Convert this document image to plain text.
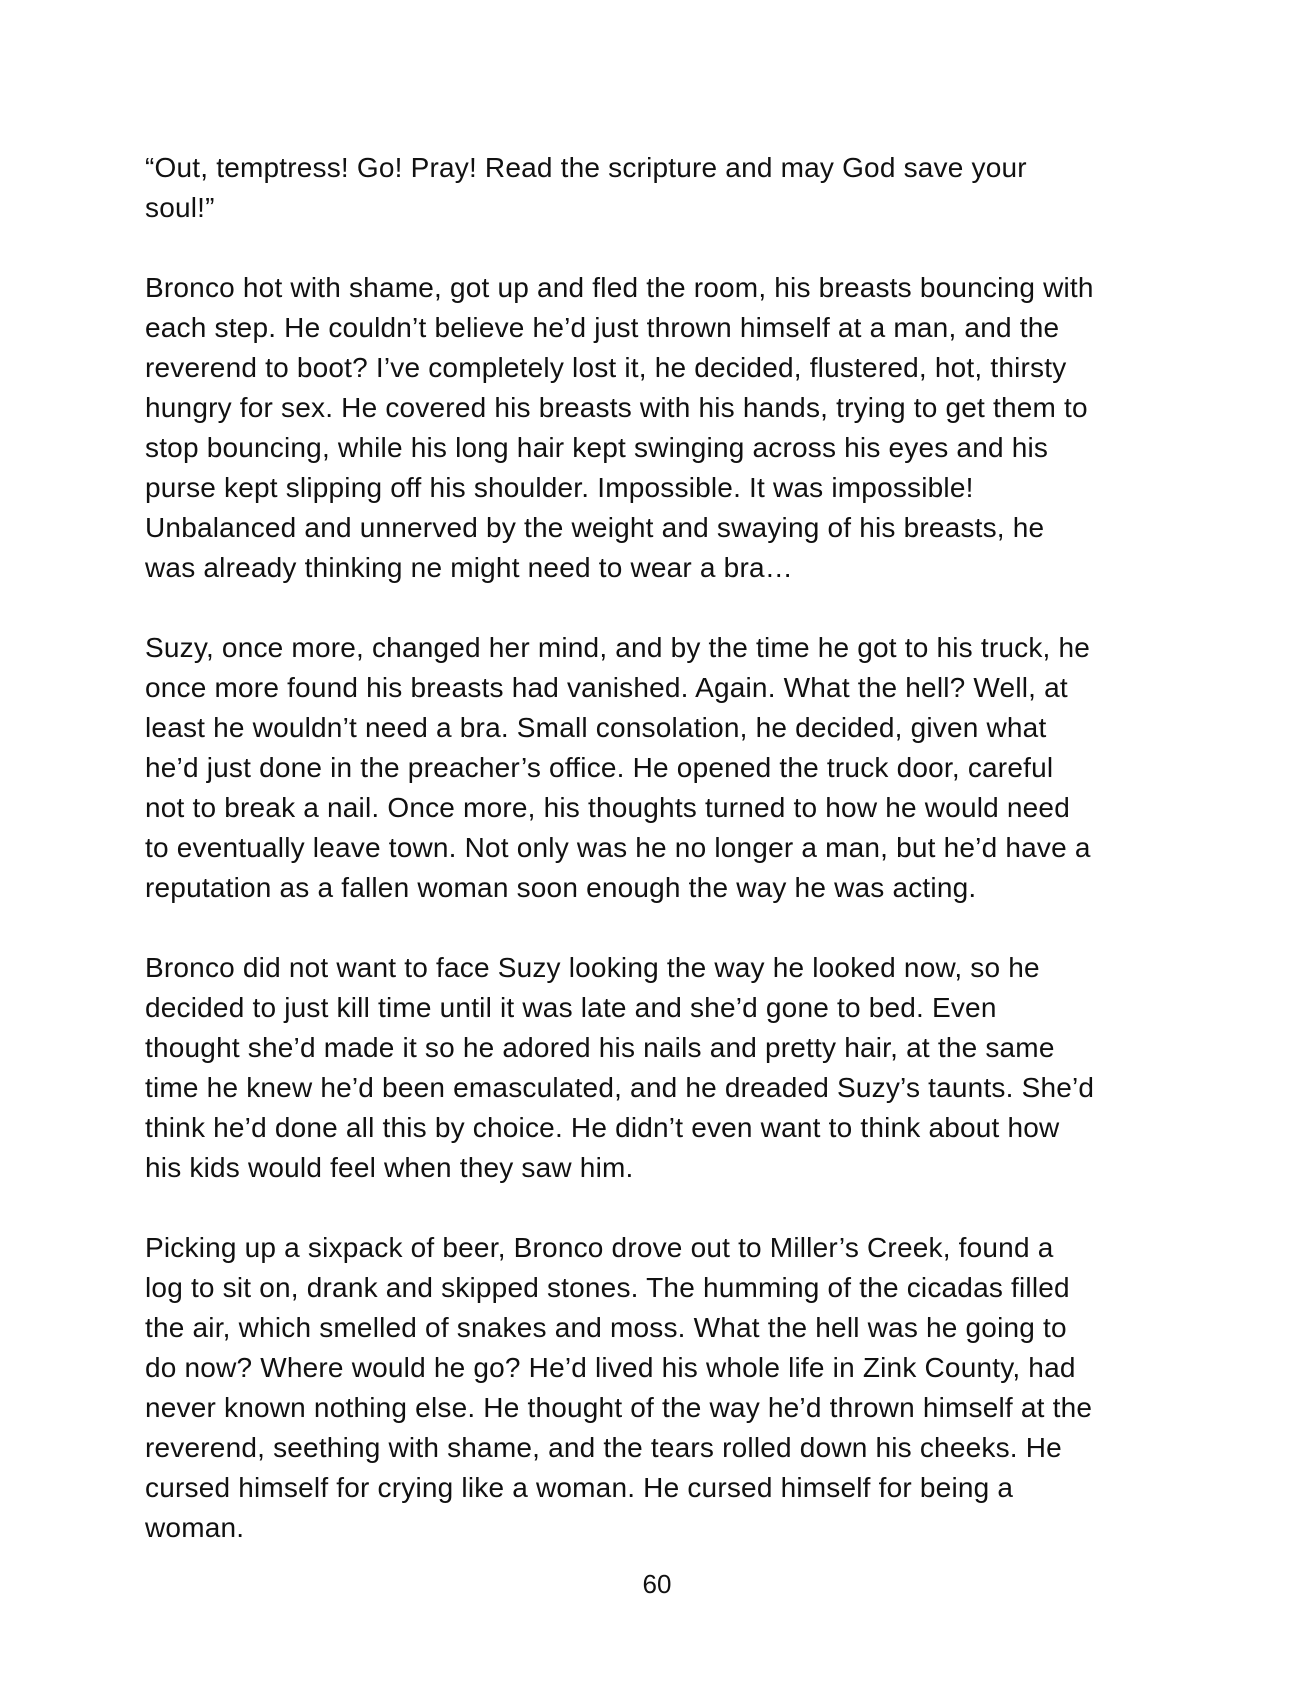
“Out, temptress! Go! Pray! Read the scripture and may God save your
soul!”
Bronco hot with shame, got up and fled the room, his breasts bouncing with
each step. He couldn’t believe he’d just thrown himself at a man, and the
reverend to boot? I’ve completely lost it, he decided, flustered, hot, thirsty
hungry for sex. He covered his breasts with his hands, trying to get them to
stop bouncing, while his long hair kept swinging across his eyes and his
purse kept slipping off his shoulder. Impossible. It was impossible!
Unbalanced and unnerved by the weight and swaying of his breasts, he
was already thinking ne might need to wear a bra…
Suzy, once more, changed her mind, and by the time he got to his truck, he
once more found his breasts had vanished. Again. What the hell? Well, at
least he wouldn’t need a bra. Small consolation, he decided, given what
he’d just done in the preacher’s office. He opened the truck door, careful
not to break a nail. Once more, his thoughts turned to how he would need
to eventually leave town. Not only was he no longer a man, but he’d have a
reputation as a fallen woman soon enough the way he was acting.
Bronco did not want to face Suzy looking the way he looked now, so he
decided to just kill time until it was late and she’d gone to bed. Even
thought she’d made it so he adored his nails and pretty hair, at the same
time he knew he’d been emasculated, and he dreaded Suzy’s taunts. She’d
think he’d done all this by choice. He didn’t even want to think about how
his kids would feel when they saw him.
Picking up a sixpack of beer, Bronco drove out to Miller’s Creek, found a
log to sit on, drank and skipped stones. The humming of the cicadas filled
the air, which smelled of snakes and moss. What the hell was he going to
do now? Where would he go? He’d lived his whole life in Zink County, had
never known nothing else. He thought of the way he’d thrown himself at the
reverend, seething with shame, and the tears rolled down his cheeks. He
cursed himself for crying like a woman. He cursed himself for being a
woman.
60
